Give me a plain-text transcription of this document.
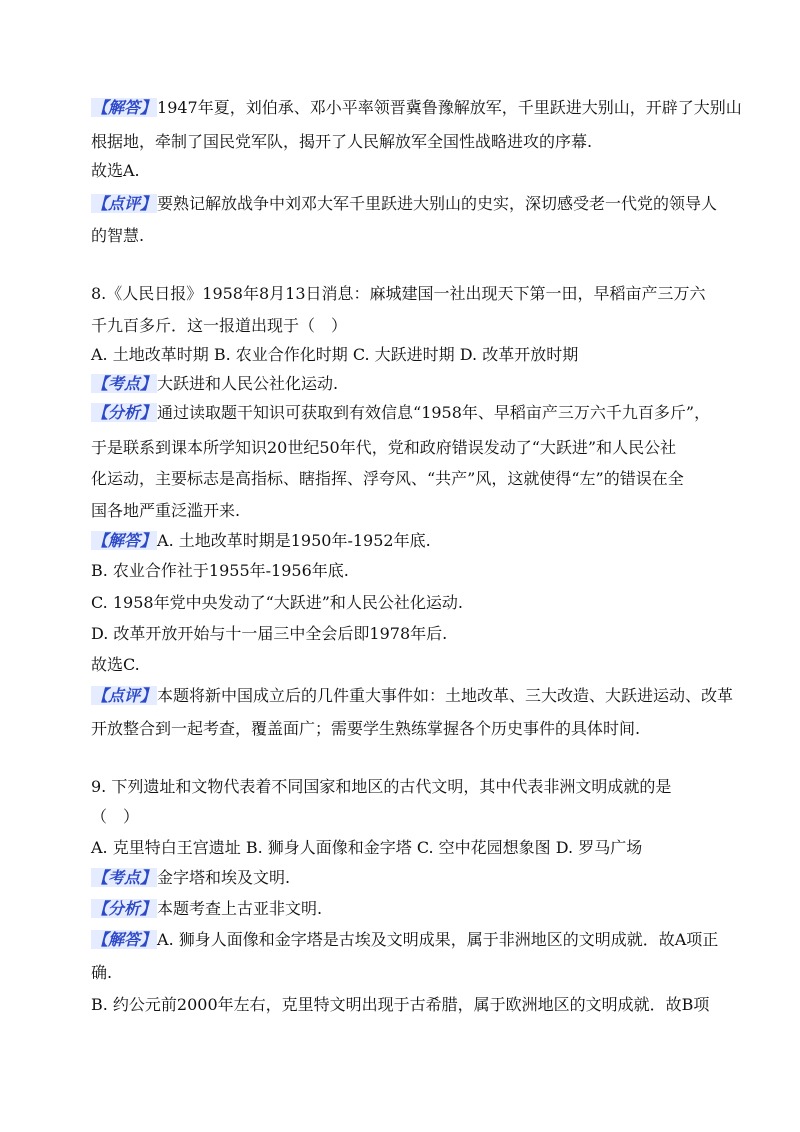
【解答】1947年夏，刘伯承、邓小平率领晋冀鲁豫解放军，千里跃进大别山，开辟了大别山
根据地，牵制了国民党军队，揭开了人民解放军全国性战略进攻的序幕.
故选A.
【点评】要熟记解放战争中刘邓大军千里跃进大别山的史实，深切感受老一代党的领导人
的智慧.
8.《人民日报》1958年8月13日消息：麻城建国一社出现天下第一田，早稻亩产三万六
千九百多斤．这一报道出现于（　）
A. 土地改革时期 B. 农业合作化时期 C. 大跃进时期 D. 改革开放时期
【考点】大跃进和人民公社化运动.
【分析】通过读取题干知识可获取到有效信息“1958年、早稻亩产三万六千九百多斤”，
于是联系到课本所学知识20世纪50年代，党和政府错误发动了“大跃进”和人民公社
化运动，主要标志是高指标、瞎指挥、浮夸风、“共产”风，这就使得“左”的错误在全
国各地严重泛滥开来.
【解答】A. 土地改革时期是1950年-1952年底.
B. 农业合作社于1955年-1956年底.
C. 1958年党中央发动了“大跃进”和人民公社化运动.
D. 改革开放开始与十一届三中全会后即1978年后.
故选C.
【点评】本题将新中国成立后的几件重大事件如：土地改革、三大改造、大跃进运动、改革
开放整合到一起考查，覆盖面广；需要学生熟练掌握各个历史事件的具体时间.
9. 下列遗址和文物代表着不同国家和地区的古代文明，其中代表非洲文明成就的是
（　）
A. 克里特白王宫遗址 B. 狮身人面像和金字塔 C. 空中花园想象图 D. 罗马广场
【考点】金字塔和埃及文明.
【分析】本题考查上古亚非文明.
【解答】A. 狮身人面像和金字塔是古埃及文明成果，属于非洲地区的文明成就．故A项正
确.
B. 约公元前2000年左右，克里特文明出现于古希腊，属于欧洲地区的文明成就．故B项
